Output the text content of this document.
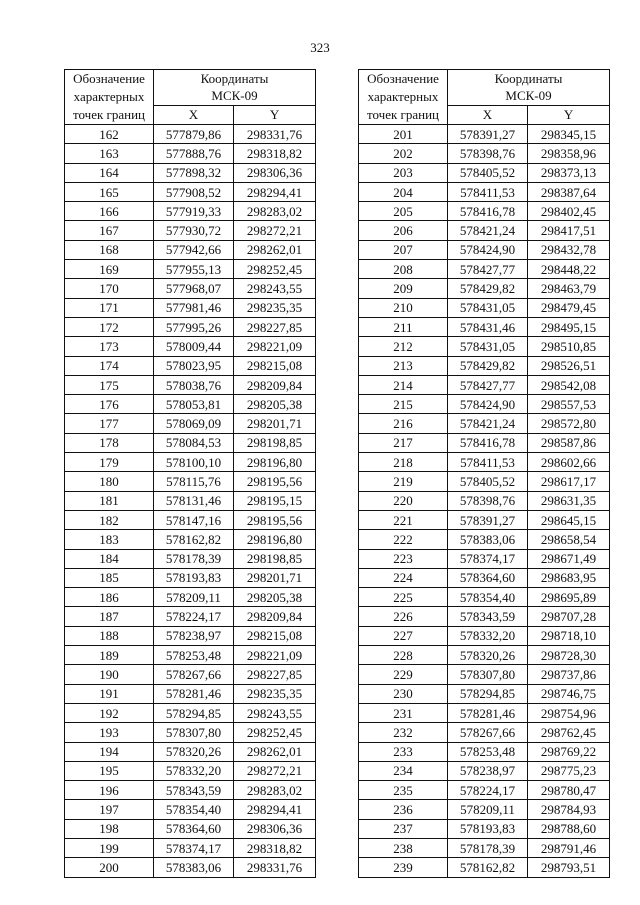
323
Обозначение
характерных
точек границ	Координаты
МСК-09	

	X	Y
162	577879,86	298331,76
163	577888,76	298318,82
164	577898,32	298306,36
165	577908,52	298294,41
166	577919,33	298283,02
167	577930,72	298272,21
168	577942,66	298262,01
169	577955,13	298252,45
170	577968,07	298243,55
171	577981,46	298235,35
172	577995,26	298227,85
173	578009,44	298221,09
174	578023,95	298215,08
175	578038,76	298209,84
176	578053,81	298205,38
177	578069,09	298201,71
178	578084,53	298198,85
179	578100,10	298196,80
180	578115,76	298195,56
181	578131,46	298195,15
182	578147,16	298195,56
183	578162,82	298196,80
184	578178,39	298198,85
185	578193,83	298201,71
186	578209,11	298205,38
187	578224,17	298209,84
188	578238,97	298215,08
189	578253,48	298221,09
190	578267,66	298227,85
191	578281,46	298235,35
192	578294,85	298243,55
193	578307,80	298252,45
194	578320,26	298262,01
195	578332,20	298272,21
196	578343,59	298283,02
197	578354,40	298294,41
198	578364,60	298306,36
199	578374,17	298318,82
200	578383,06	298331,76
Обозначение
характерных
точек границ	Координаты
МСК-09	

	X	Y
201	578391,27	298345,15
202	578398,76	298358,96
203	578405,52	298373,13
204	578411,53	298387,64
205	578416,78	298402,45
206	578421,24	298417,51
207	578424,90	298432,78
208	578427,77	298448,22
209	578429,82	298463,79
210	578431,05	298479,45
211	578431,46	298495,15
212	578431,05	298510,85
213	578429,82	298526,51
214	578427,77	298542,08
215	578424,90	298557,53
216	578421,24	298572,80
217	578416,78	298587,86
218	578411,53	298602,66
219	578405,52	298617,17
220	578398,76	298631,35
221	578391,27	298645,15
222	578383,06	298658,54
223	578374,17	298671,49
224	578364,60	298683,95
225	578354,40	298695,89
226	578343,59	298707,28
227	578332,20	298718,10
228	578320,26	298728,30
229	578307,80	298737,86
230	578294,85	298746,75
231	578281,46	298754,96
232	578267,66	298762,45
233	578253,48	298769,22
234	578238,97	298775,23
235	578224,17	298780,47
236	578209,11	298784,93
237	578193,83	298788,60
238	578178,39	298791,46
239	578162,82	298793,51
